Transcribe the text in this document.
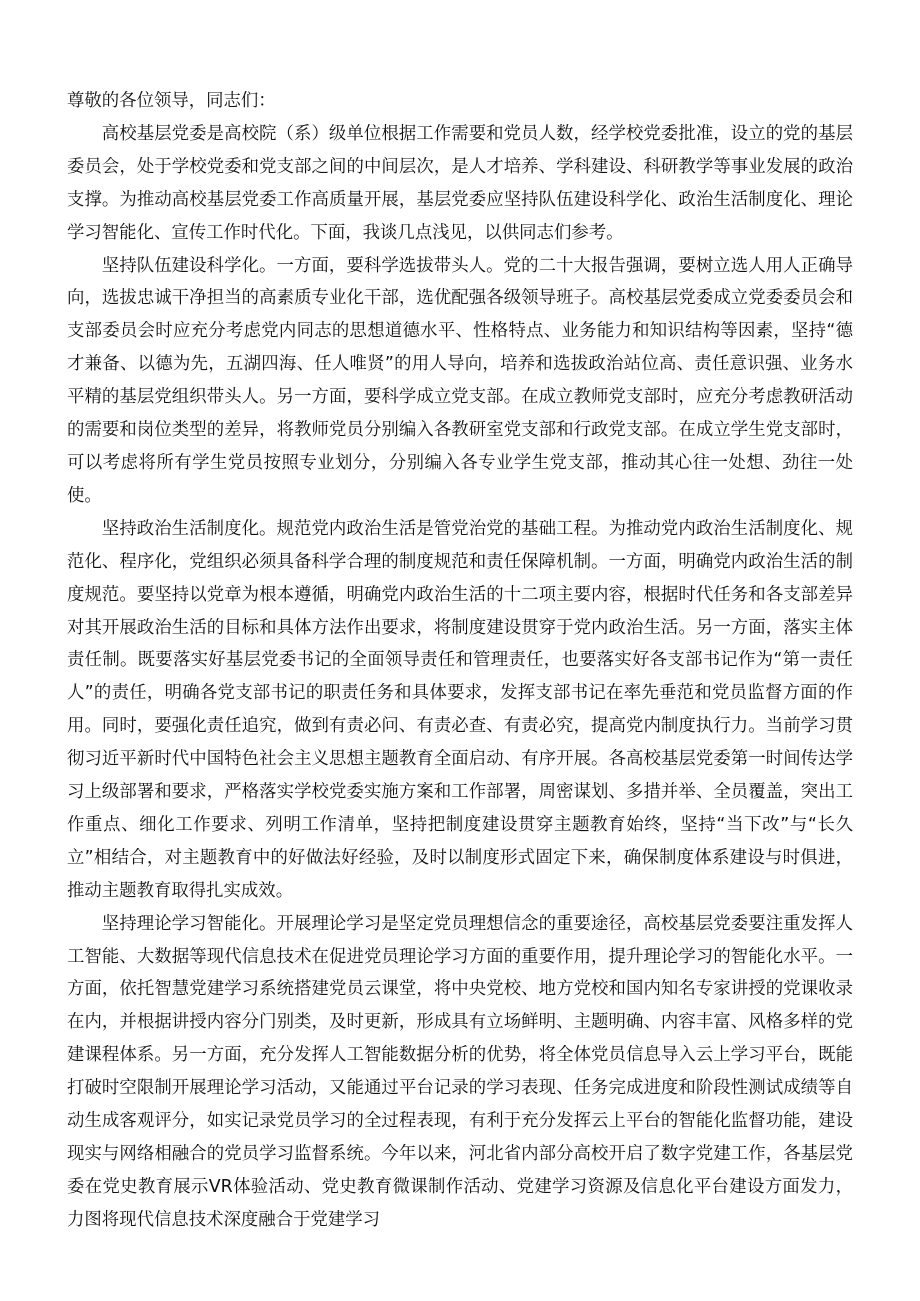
尊敬的各位领导，同志们：

高校基层党委是高校院（系）级单位根据工作需要和党员人数，经学校党委批准，设立的党的基层委员会，处于学校党委和党支部之间的中间层次，是人才培养、学科建设、科研教学等事业发展的政治支撑。为推动高校基层党委工作高质量开展，基层党委应坚持队伍建设科学化、政治生活制度化、理论学习智能化、宣传工作时代化。下面，我谈几点浅见，以供同志们参考。

坚持队伍建设科学化。一方面，要科学选拔带头人。党的二十大报告强调，要树立选人用人正确导向，选拔忠诚干净担当的高素质专业化干部，选优配强各级领导班子。高校基层党委成立党委委员会和支部委员会时应充分考虑党内同志的思想道德水平、性格特点、业务能力和知识结构等因素，坚持“德才兼备、以德为先，五湖四海、任人唯贤”的用人导向，培养和选拔政治站位高、责任意识强、业务水平精的基层党组织带头人。另一方面，要科学成立党支部。在成立教师党支部时，应充分考虑教研活动的需要和岗位类型的差异，将教师党员分别编入各教研室党支部和行政党支部。在成立学生党支部时，可以考虑将所有学生党员按照专业划分，分别编入各专业学生党支部，推动其心往一处想、劲往一处使。

坚持政治生活制度化。规范党内政治生活是管党治党的基础工程。为推动党内政治生活制度化、规范化、程序化，党组织必须具备科学合理的制度规范和责任保障机制。一方面，明确党内政治生活的制度规范。要坚持以党章为根本遵循，明确党内政治生活的十二项主要内容，根据时代任务和各支部差异对其开展政治生活的目标和具体方法作出要求，将制度建设贯穿于党内政治生活。另一方面，落实主体责任制。既要落实好基层党委书记的全面领导责任和管理责任，也要落实好各支部书记作为“第一责任人”的责任，明确各党支部书记的职责任务和具体要求，发挥支部书记在率先垂范和党员监督方面的作用。同时，要强化责任追究，做到有责必问、有责必查、有责必究，提高党内制度执行力。当前学习贯彻习近平新时代中国特色社会主义思想主题教育全面启动、有序开展。各高校基层党委第一时间传达学习上级部署和要求，严格落实学校党委实施方案和工作部署，周密谋划、多措并举、全员覆盖，突出工作重点、细化工作要求、列明工作清单，坚持把制度建设贯穿主题教育始终，坚持“当下改”与“长久立”相结合，对主题教育中的好做法好经验，及时以制度形式固定下来，确保制度体系建设与时俱进，推动主题教育取得扎实成效。

坚持理论学习智能化。开展理论学习是坚定党员理想信念的重要途径，高校基层党委要注重发挥人工智能、大数据等现代信息技术在促进党员理论学习方面的重要作用，提升理论学习的智能化水平。一方面，依托智慧党建学习系统搭建党员云课堂，将中央党校、地方党校和国内知名专家讲授的党课收录在内，并根据讲授内容分门别类，及时更新，形成具有立场鲜明、主题明确、内容丰富、风格多样的党建课程体系。另一方面，充分发挥人工智能数据分析的优势，将全体党员信息导入云上学习平台，既能打破时空限制开展理论学习活动，又能通过平台记录的学习表现、任务完成进度和阶段性测试成绩等自动生成客观评分，如实记录党员学习的全过程表现，有利于充分发挥云上平台的智能化监督功能，建设现实与网络相融合的党员学习监督系统。今年以来，河北省内部分高校开启了数字党建工作，各基层党委在党史教育展示VR体验活动、党史教育微课制作活动、党建学习资源及信息化平台建设方面发力，力图将现代信息技术深度融合于党建学习
